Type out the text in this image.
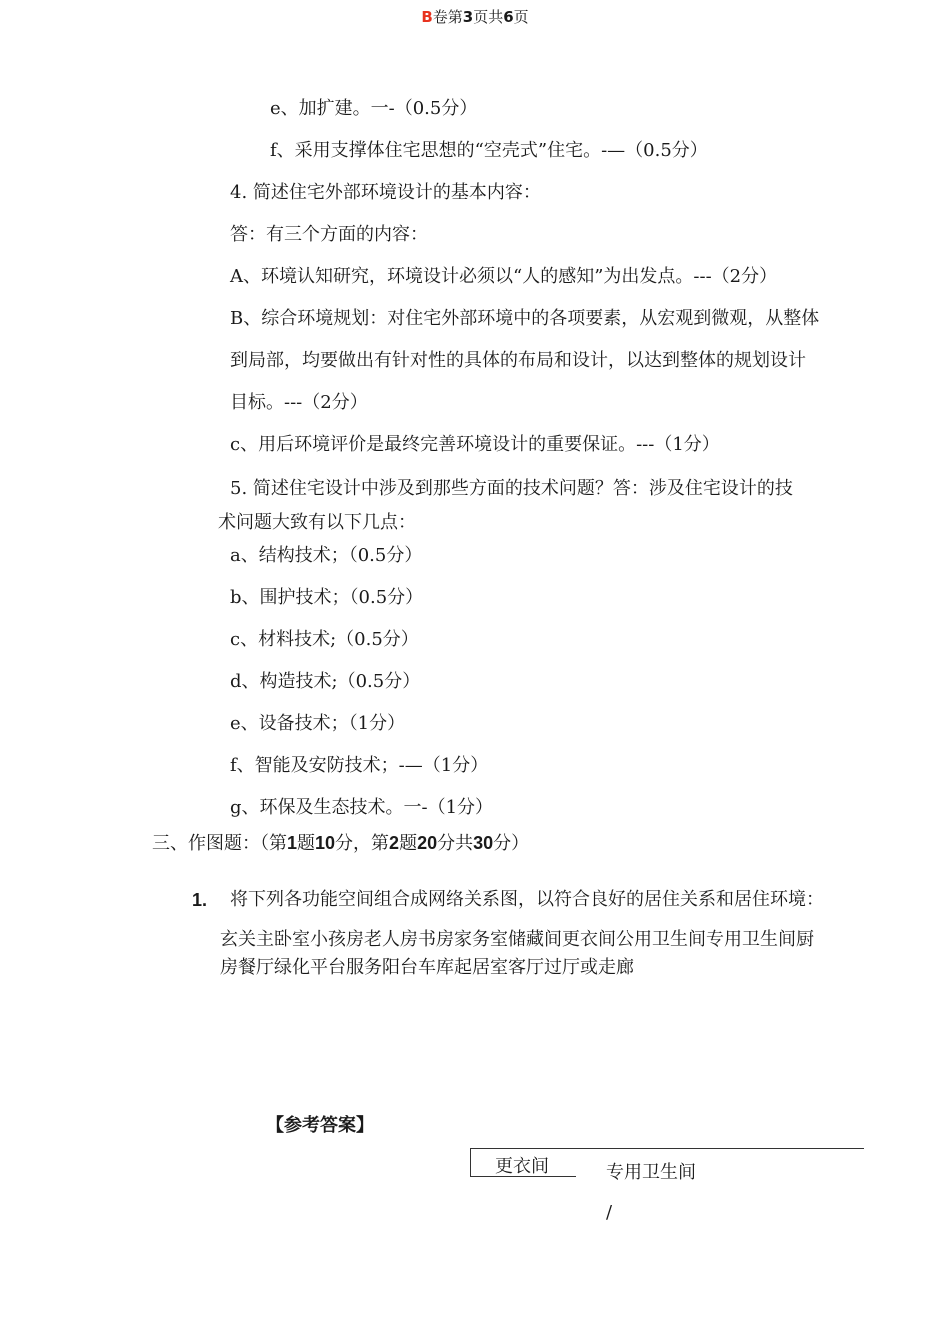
B卷第3页共6页
e、加扩建。一-（0.5分）
f、采用支撑体住宅思想的“空壳式”住宅。-—（0.5分）
4. 简述住宅外部环境设计的基本内容：
答：有三个方面的内容：
A、环境认知研究，环境设计必须以“人的感知”为出发点。---（2分）
B、综合环境规划：对住宅外部环境中的各项要素，从宏观到微观，从整体
到局部，均要做出有针对性的具体的布局和设计，以达到整体的规划设计
目标。---（2分）
c、用后环境评价是最终完善环境设计的重要保证。---（1分）
5. 简述住宅设计中涉及到那些方面的技术问题？答：涉及住宅设计的技
术问题大致有以下几点：
a、结构技术；（0.5分）
b、围护技术；（0.5分）
c、材料技术;（0.5分）
d、构造技术;（0.5分）
e、设备技术；（1分）
f、智能及安防技术；-—（1分）
g、环保及生态技术。一-（1分）
三、作图题：（第1题10分，第2题20分共30分）
1. 将下列各功能空间组合成网络关系图，以符合良好的居住关系和居住环境：
玄关主卧室小孩房老人房书房家务室储藏间更衣间公用卫生间专用卫生间厨
房餐厅绿化平台服务阳台车库起居室客厅过厅或走廊
【参考答案】
更衣间	专用卫生间
/
